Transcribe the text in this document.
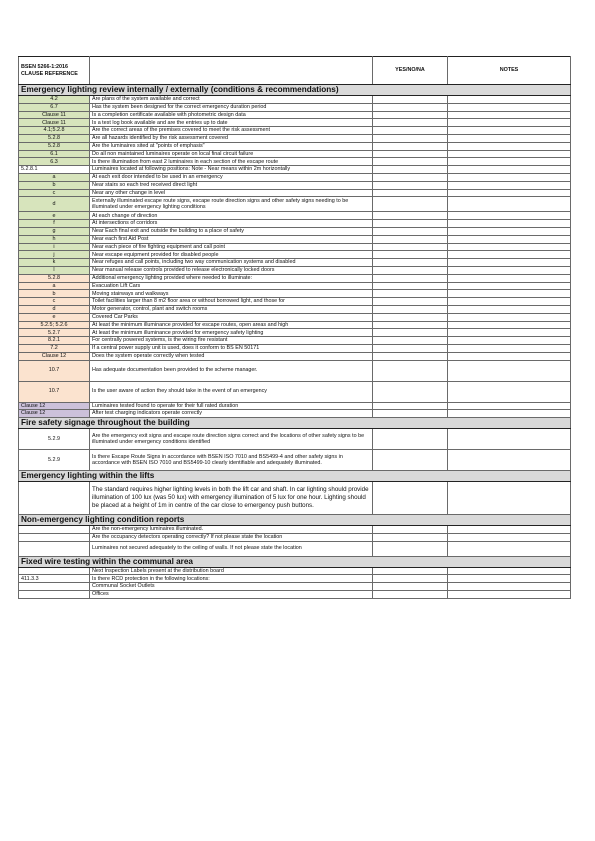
BSEN 5266-1:2016
CLAUSE REFERENCE		YES/NO/NA	NOTES
Emergency lighting review internally / externally (conditions & recommendations)			
4.2	Are plans of the system available and correct		
6.7	Has the system been designed for the correct emergency duration period		
Clause 11	Is a completion certificate available with photometric design data		
Clause 11	Is a test log book available and are the entries up to date		
4.1;5.2.8	Are the correct areas of the premises covered to meet the risk assessment		
5.2.8	Are all hazards identified by the risk assessment covered		
5.2.8	Are the luminaires sited at "points of emphasis"		
6.1	Do all non maintained luminaires operate on local final circuit failure		
6.3	Is there illumination from east 2 luminaires in each section of the escape route		
5.2.8.1	Luminaires located at following positions: Note - Near means within 2m horizontally		
a	At each exit door intended to be used in an emergency		
b	Near stairs so each tred received direct light		
c	Near any other change in level		
d	Externally illuminated escape route signs, escape route direction signs and other safety signs needing to be illuminated under emergency lighting conditions		
e	At each change of direction		
f	At intersections of corridors		
g	Near Each final exit and outside the building to a place of safety		
h	Near each first Aid Post		
i	Near each piece of fire fighting equipment and call point		
j	Near escape equipment provided for disabled people		
k	Near refuges and call points, including two way communication systems and disabled		
l	Near manual release controls provided to release electronically locked doors		
5.2.8	Additional emergency lighting provided where needed to illuminate:		
a	Evacuation Lift Cars		
b	Moving stairways and walkways		
c	Toilet facilities larger than 8 m2 floor area or without borrowed light, and those for		
d	Motor generator, control, plant and switch rooms		
e	Covered Car Parks		
5.2.5; 5.2.6	At least the minimum illuminance provided for escape routes, open areas and high		
5.2.7	At least the minimum illuminance provided for emergency safety lighting		
8.2.1	For centrally powered systems, is the wiring fire resistant		
7.2	If a central power supply unit is used, does it conform to BS EN 50171		
Clause 12	Does the system operate correctly when tested		
10.7	Has adequate documentation been provided to the scheme manager.		
10.7	Is the user aware of action they should take in the event of an emergency		
Clause 12	Luminaires tested found to operate for their full rated duration		
Clause 12	After test charging indicators operate correctly		
Fire safety signage throughout the building			
5.2.9	Are the emergency exit signs and escape route direction signs correct and the locations of other safety signs to be illuminated under emergency conditions identified		
5.2.9	Is there Escape Route Signs in accordance with BSEN ISO 7010 and BS5499-4 and other safety signs in accordance with BSEN ISO 7010 and BS5499-10 clearly identifiable and adequately illuminated.		
Emergency lighting within the lifts			
	The standard requires higher lighting levels in both the lift car and shaft. In car lighting should provide illumination of 100 lux (was 50 lux) with emergency illumination of 5 lux for one hour. Lighting should be placed at a height of 1m in centre of the car close to emergency push buttons.		
Non-emergency lighting condition reports			
	Are the non-emergency luminaires illuminated.		
	Are the occupancy detectors operating correctly? If not please state the location		
	Luminaires not secured adequately to the ceiling of walls. If not please state the location		
Fixed wire testing within the communal area			
	Next Inspection Labels present at the distribution board		
411.3.3	Is there RCD protection in the following locations:		
	Communal Socket Outlets		
	Offices		
